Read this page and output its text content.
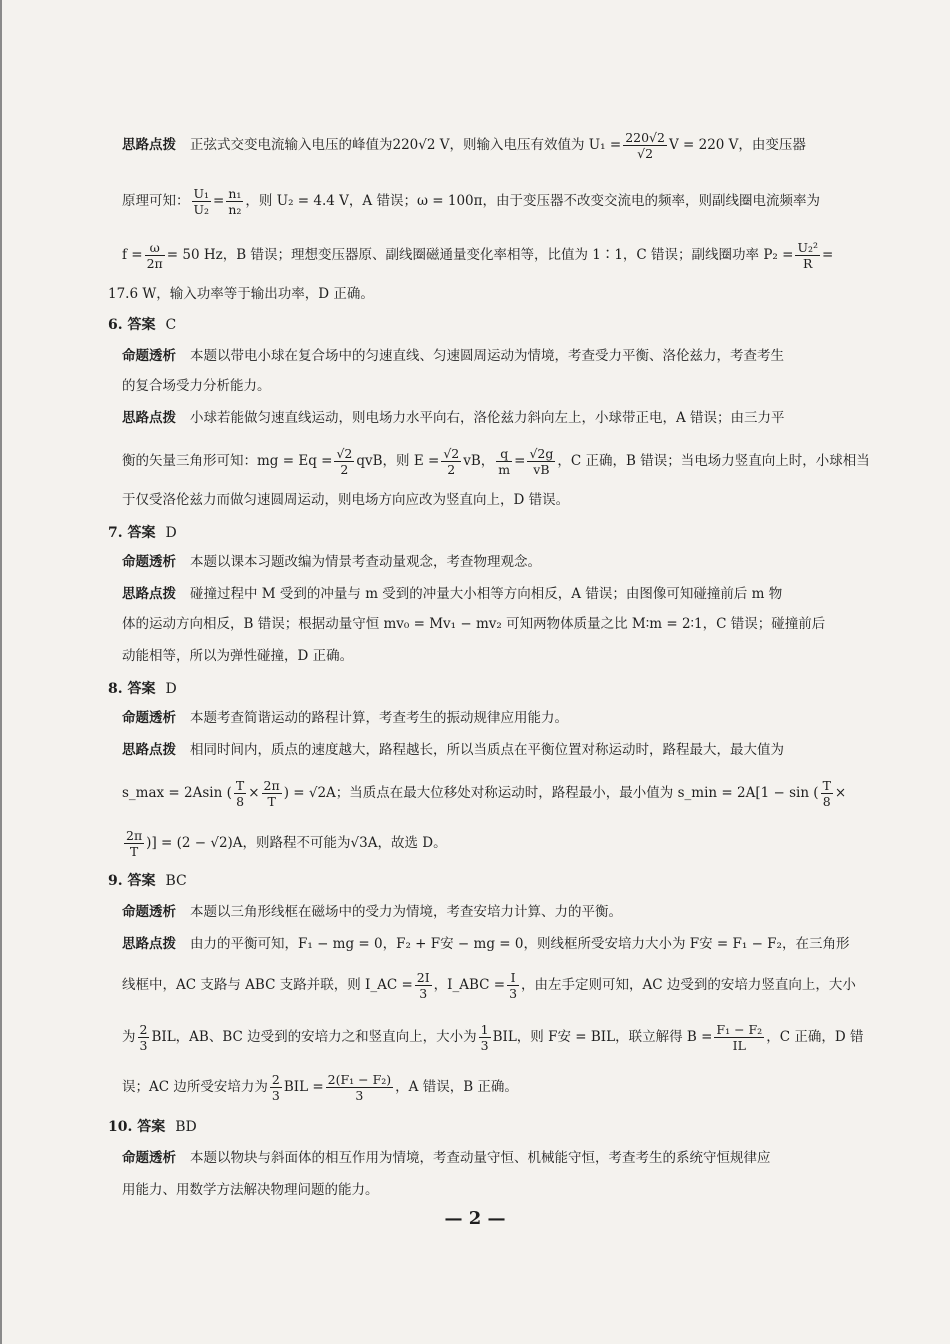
思路点拨 正弦式交变电流输入电压的峰值为220√2 V，则输入电压有效值为 $U_1 = \frac{220√2}{√2}$ V = 220 V，由变压器
原理可知： $\frac{\text{U₁}}{\text{U₂}} = \frac{\text{n₁}}{\text{n₂}}$ ，则 U₂ = 4.4 V，A 错误；ω = 100π，由于变压器不改变交流电的频率，则副线圈电流频率为
$f = \frac{\omega}{2\pi} = 50$ Hz，B 错误；理想变压器原、副线圈磁通量变化率相等，比值为 1∶1，C 错误；副线圈功率 $P_2 = \frac{\text{U₂²}}{R}$ =
17.6 W，输入功率等于输出功率，D 正确。
6. 答案 C
命题透析 本题以带电小球在复合场中的匀速直线、匀速圆周运动为情境，考查受力平衡、洛伦兹力，考查考生
的复合场受力分析能力。
思路点拨 小球若能做匀速直线运动，则电场力水平向右，洛伦兹力斜向左上，小球带正电，A 错误；由三力平
衡的矢量三角形可知：mg = $Eq = \frac{√2}{2}$ qvB，则 $E = \frac{√2}{2}$ vB， $\frac{q}{m} = \frac{√2g}{vB}$ ，C 正确，B 错误；当电场力竖直向上时，小球相当
于仅受洛伦兹力而做匀速圆周运动，则电场方向应改为竖直向上，D 错误。
7. 答案 D
命题透析 本题以课本习题改编为情景考查动量观念，考查物理观念。
思路点拨 碰撞过程中 M 受到的冲量与 m 受到的冲量大小相等方向相反，A 错误；由图像可知碰撞前后 m 物
体的运动方向相反，B 错误；根据动量守恒 mv₀ = Mv₁ − mv₂ 可知两物体质量之比 M∶m = 2∶1，C 错误；碰撞前后
动能相等，所以为弹性碰撞，D 正确。
8. 答案 D
命题透析 本题考查简谐运动的路程计算，考查考生的振动规律应用能力。
思路点拨 相同时间内，质点的速度越大，路程越长，所以当质点在平衡位置对称运动时，路程最大，最大值为
s_max = 2Asin ( $\frac{T}{8} \times \frac{2\pi}{T}$ ) = √2A；当质点在最大位移处对称运动时，路程最小，最小值为 s_min = 2A[1 − sin ( $\frac{T}{8}$ ×
$\frac{2\pi}{T}$ )] = (2 − √2)A，则路程不可能为√3A，故选 D。
9. 答案 BC
命题透析 本题以三角形线框在磁场中的受力为情境，考查安培力计算、力的平衡。
思路点拨 由力的平衡可知，F₁ − mg = 0，F₂ + F安 − mg = 0，则线框所受安培力大小为 F安 = F₁ − F₂，在三角形
线框中，AC 支路与 ABC 支路并联，则 I_AC = $\frac{2I}{3}$ ，I_ABC = $\frac{I}{3}$ ，由左手定则可知，AC 边受到的安培力竖直向上，大小
为 $\frac{2}{3}$ BIL，AB、BC 边受到的安培力之和竖直向上，大小为 $\frac{1}{3}$ BIL，则 F安 = BIL，联立解得 $B = \frac{\text{F₁ − F₂}}{IL}$ ，C 正确，D 错
误；AC 边所受安培力为 $\frac{2}{3}$ BIL = $\frac{\text{2(F₁ − F₂)}}{3}$ ，A 错误，B 正确。
10. 答案 BD
命题透析 本题以物块与斜面体的相互作用为情境，考查动量守恒、机械能守恒，考查考生的系统守恒规律应
用能力、用数学方法解决物理问题的能力。
— 2 —
